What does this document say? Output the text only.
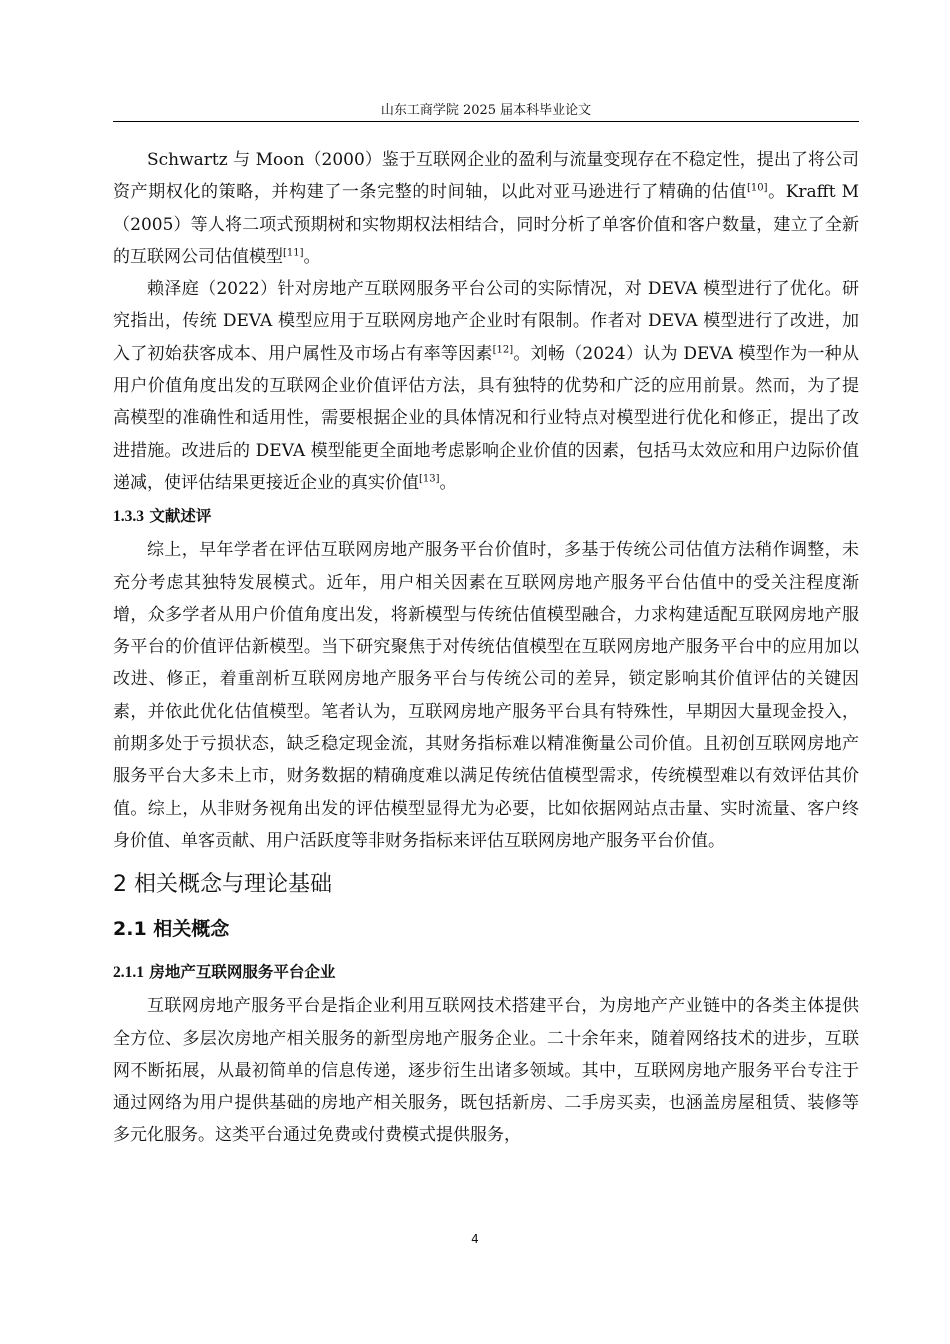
山东工商学院 2025 届本科毕业论文

Schwartz 与 Moon（2000）鉴于互联网企业的盈利与流量变现存在不稳定性，提出了将公司资产期权化的策略，并构建了一条完整的时间轴，以此对亚马逊进行了精确的估值[10]。Krafft M（2005）等人将二项式预期树和实物期权法相结合，同时分析了单客价值和客户数量，建立了全新的互联网公司估值模型[11]。

赖泽庭（2022）针对房地产互联网服务平台公司的实际情况，对 DEVA 模型进行了优化。研究指出，传统 DEVA 模型应用于互联网房地产企业时有限制。作者对 DEVA 模型进行了改进，加入了初始获客成本、用户属性及市场占有率等因素[12]。刘畅（2024）认为 DEVA 模型作为一种从用户价值角度出发的互联网企业价值评估方法，具有独特的优势和广泛的应用前景。然而，为了提高模型的准确性和适用性，需要根据企业的具体情况和行业特点对模型进行优化和修正，提出了改进措施。改进后的 DEVA 模型能更全面地考虑影响企业价值的因素，包括马太效应和用户边际价值递减，使评估结果更接近企业的真实价值[13]。

1.3.3 文献述评

综上，早年学者在评估互联网房地产服务平台价值时，多基于传统公司估值方法稍作调整，未充分考虑其独特发展模式。近年，用户相关因素在互联网房地产服务平台估值中的受关注程度渐增，众多学者从用户价值角度出发，将新模型与传统估值模型融合，力求构建适配互联网房地产服务平台的价值评估新模型。当下研究聚焦于对传统估值模型在互联网房地产服务平台中的应用加以改进、修正，着重剖析互联网房地产服务平台与传统公司的差异，锁定影响其价值评估的关键因素，并依此优化估值模型。笔者认为，互联网房地产服务平台具有特殊性，早期因大量现金投入，前期多处于亏损状态，缺乏稳定现金流，其财务指标难以精准衡量公司价值。且初创互联网房地产服务平台大多未上市，财务数据的精确度难以满足传统估值模型需求，传统模型难以有效评估其价值。综上，从非财务视角出发的评估模型显得尤为必要，比如依据网站点击量、实时流量、客户终身价值、单客贡献、用户活跃度等非财务指标来评估互联网房地产服务平台价值。

2 相关概念与理论基础
2.1 相关概念
2.1.1 房地产互联网服务平台企业

互联网房地产服务平台是指企业利用互联网技术搭建平台，为房地产产业链中的各类主体提供全方位、多层次房地产相关服务的新型房地产服务企业。二十余年来，随着网络技术的进步，互联网不断拓展，从最初简单的信息传递，逐步衍生出诸多领域。其中，互联网房地产服务平台专注于通过网络为用户提供基础的房地产相关服务，既包括新房、二手房买卖，也涵盖房屋租赁、装修等多元化服务。这类平台通过免费或付费模式提供服务，

4
